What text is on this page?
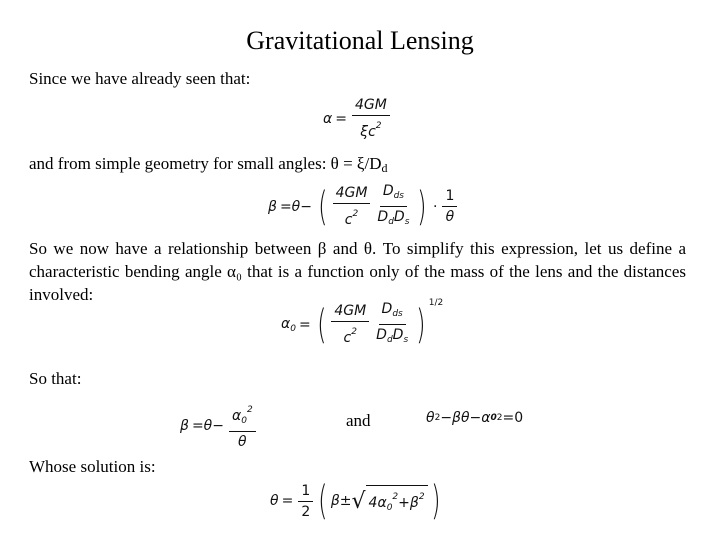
Gravitational Lensing
Since we have already seen that:
$\alpha = \frac{4GM}{\xi c^2}$
and from simple geometry for small angles: θ = ξ/Dd
β =θ− ( $\frac{4GM}{c^2} \frac{D_{ds}}{D_dD_s}$ ) · $\frac{1}{\theta}$
So we now have a relationship between β and θ. To simplify this expression, let us define a characteristic bending angle α₀ that is a function only of the mass of the lens and the distances involved:
$\alpha_0$ = ( $\frac{4GM}{c^2} \frac{D_{ds}}{D_dD_s}$ ) 1/2
So that:
$\beta =\theta- \frac{\alpha_0^2}{\theta}$	and	θ 2 −βθ−α 0 2 =0
Whose solution is:
$\theta = \frac{1}{2}$ ( β± √ $4\alpha_0^2+\beta^2$ )
